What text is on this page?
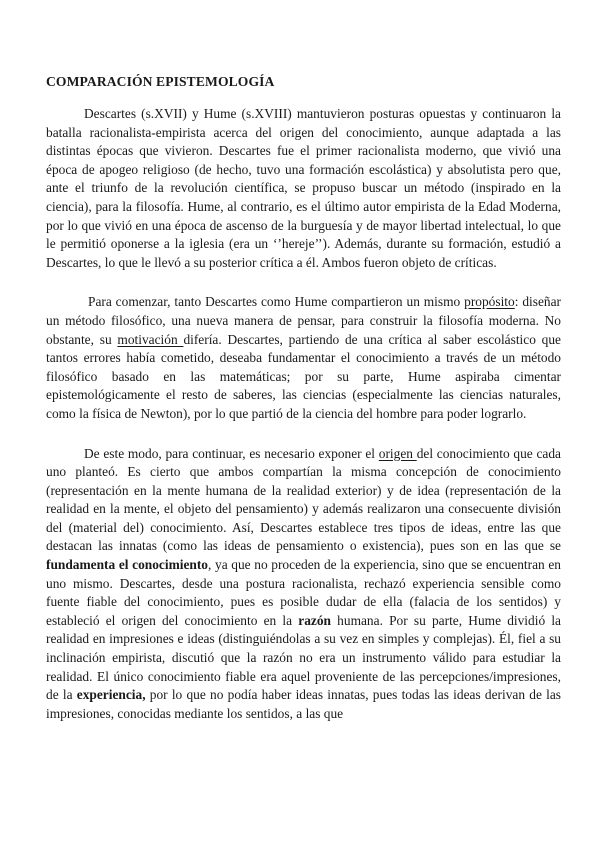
COMPARACIÓN EPISTEMOLOGÍA

Descartes (s.XVII) y Hume (s.XVIII) mantuvieron posturas opuestas y continuaron la batalla racionalista-empirista acerca del origen del conocimiento, aunque adaptada a las distintas épocas que vivieron. Descartes fue el primer racionalista moderno, que vivió una época de apogeo religioso (de hecho, tuvo una formación escolástica) y absolutista pero que, ante el triunfo de la revolución científica, se propuso buscar un método (inspirado en la ciencia), para la filosofía. Hume, al contrario, es el último autor empirista de la Edad Moderna, por lo que vivió en una época de ascenso de la burguesía y de mayor libertad intelectual, lo que le permitió oponerse a la iglesia (era un ‘’hereje’’). Además, durante su formación, estudió a Descartes, lo que le llevó a su posterior crítica a él. Ambos fueron objeto de críticas.

Para comenzar, tanto Descartes como Hume compartieron un mismo propósito: diseñar un método filosófico, una nueva manera de pensar, para construir la filosofía moderna. No obstante, su motivación difería. Descartes, partiendo de una crítica al saber escolástico que tantos errores había cometido, deseaba fundamentar el conocimiento a través de un método filosófico basado en las matemáticas; por su parte, Hume aspiraba cimentar epistemológicamente el resto de saberes, las ciencias (especialmente las ciencias naturales, como la física de Newton), por lo que partió de la ciencia del hombre para poder lograrlo.

De este modo, para continuar, es necesario exponer el origen del conocimiento que cada uno planteó. Es cierto que ambos compartían la misma concepción de conocimiento (representación en la mente humana de la realidad exterior) y de idea (representación de la realidad en la mente, el objeto del pensamiento) y además realizaron una consecuente división del (material del) conocimiento. Así, Descartes establece tres tipos de ideas, entre las que destacan las innatas (como las ideas de pensamiento o existencia), pues son en las que se fundamenta el conocimiento, ya que no proceden de la experiencia, sino que se encuentran en uno mismo. Descartes, desde una postura racionalista, rechazó experiencia sensible como fuente fiable del conocimiento, pues es posible dudar de ella (falacia de los sentidos) y estableció el origen del conocimiento en la razón humana. Por su parte, Hume dividió la realidad en impresiones e ideas (distinguiéndolas a su vez en simples y complejas). Él, fiel a su inclinación empirista, discutió que la razón no era un instrumento válido para estudiar la realidad. El único conocimiento fiable era aquel proveniente de las percepciones/impresiones, de la experiencia, por lo que no podía haber ideas innatas, pues todas las ideas derivan de las impresiones, conocidas mediante los sentidos, a las que
